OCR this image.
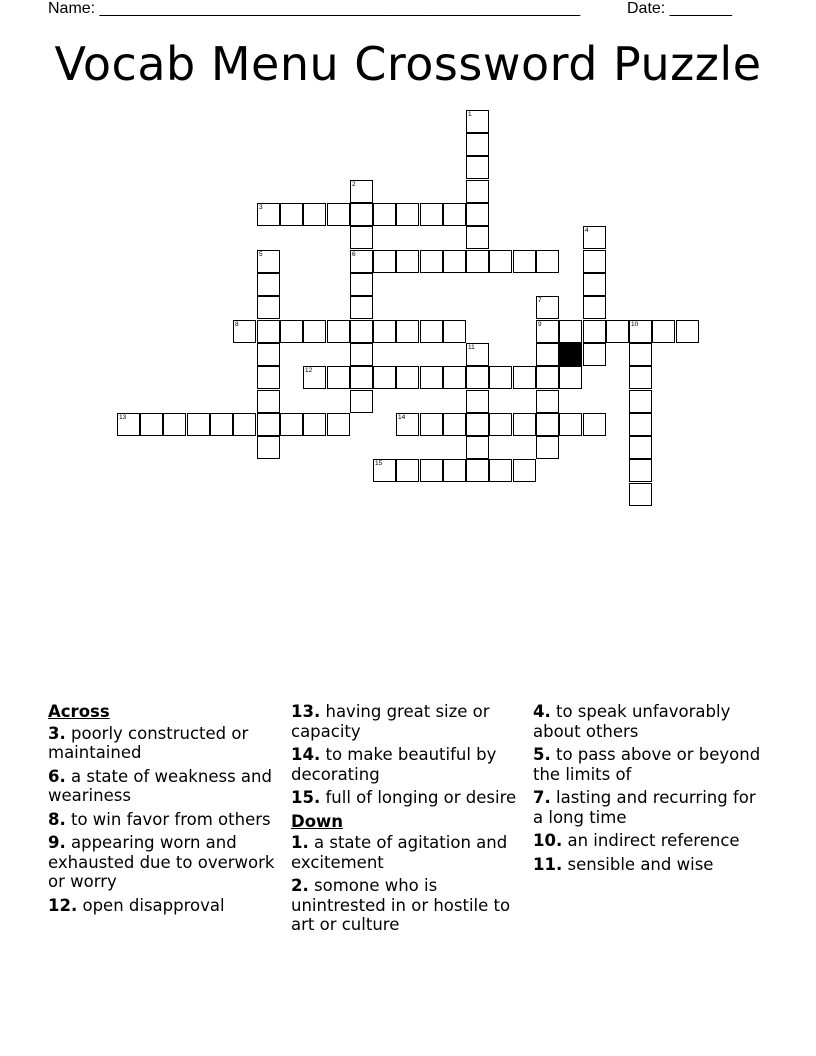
Name: ______________________________________________________	Date: _______
Vocab Menu Crossword Puzzle
1
2
3
4
5	6
7
8	9	10
11
12
13	14
15
Across

3. poorly constructed or maintained

6. a state of weakness and weariness

8. to win favor from others

9. appearing worn and exhausted due to overwork or worry

12. open disapproval

13. having great size or capacity

14. to make beautiful by decorating

15. full of longing or desire

Down

1. a state of agitation and excitement

2. somone who is unintrested in or hostile to art or culture

4. to speak unfavorably about others

5. to pass above or beyond the limits of

7. lasting and recurring for a long time

10. an indirect reference

11. sensible and wise
